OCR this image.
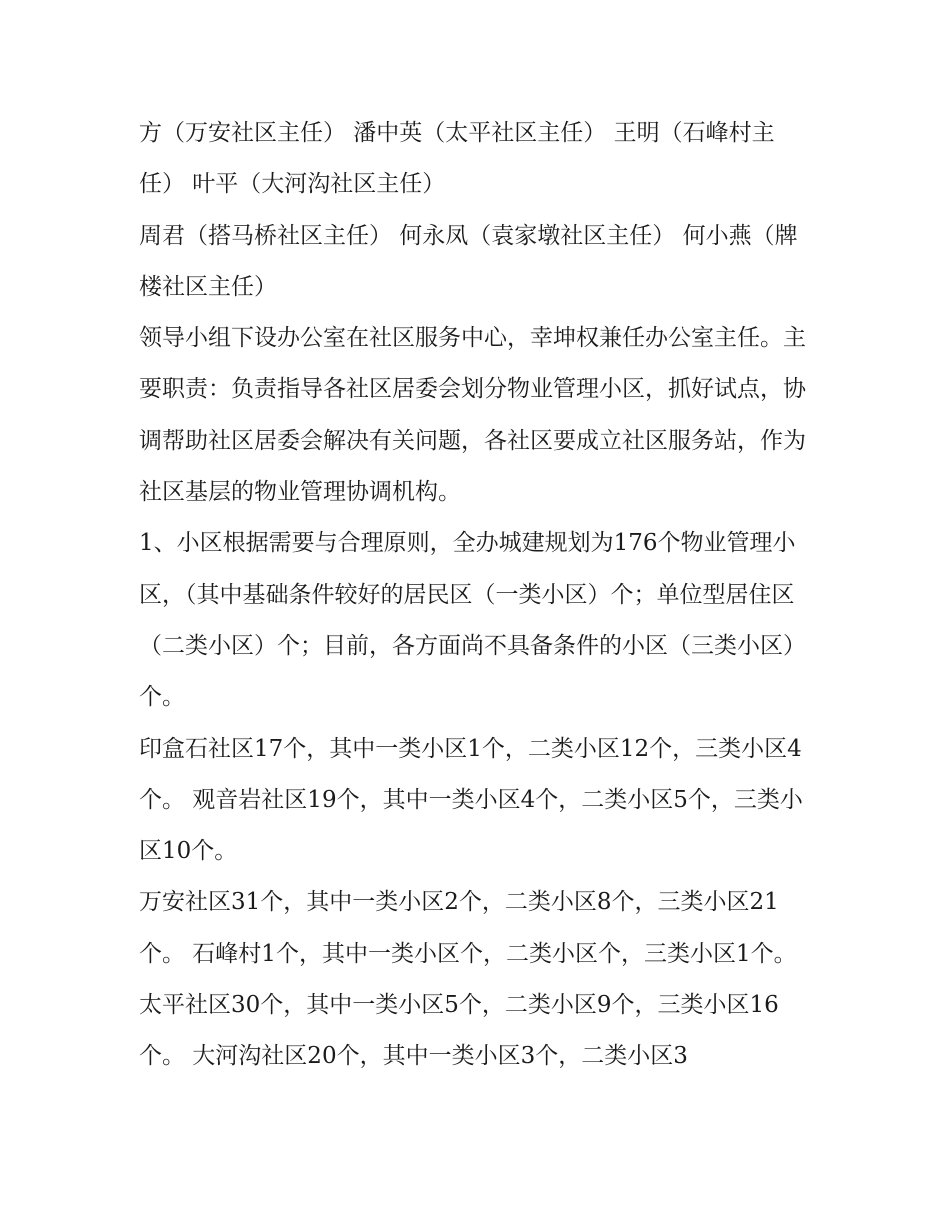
方（万安社区主任） 潘中英（太平社区主任） 王明（石峰村主任） 叶平（大河沟社区主任）

周君（搭马桥社区主任） 何永凤（袁家墩社区主任） 何小燕（牌楼社区主任）

领导小组下设办公室在社区服务中心，幸坤权兼任办公室主任。主要职责：负责指导各社区居委会划分物业管理小区，抓好试点，协调帮助社区居委会解决有关问题，各社区要成立社区服务站，作为社区基层的物业管理协调机构。

1、小区根据需要与合理原则，全办城建规划为176个物业管理小区，（其中基础条件较好的居民区（一类小区）个；单位型居住区（二类小区）个；目前，各方面尚不具备条件的小区（三类小区）个。

印盒石社区17个，其中一类小区1个，二类小区12个，三类小区4个。 观音岩社区19个，其中一类小区4个，二类小区5个，三类小区10个。

万安社区31个，其中一类小区2个，二类小区8个，三类小区21个。 石峰村1个，其中一类小区个，二类小区个，三类小区1个。

太平社区30个，其中一类小区5个，二类小区9个，三类小区16个。 大河沟社区20个，其中一类小区3个，二类小区3
